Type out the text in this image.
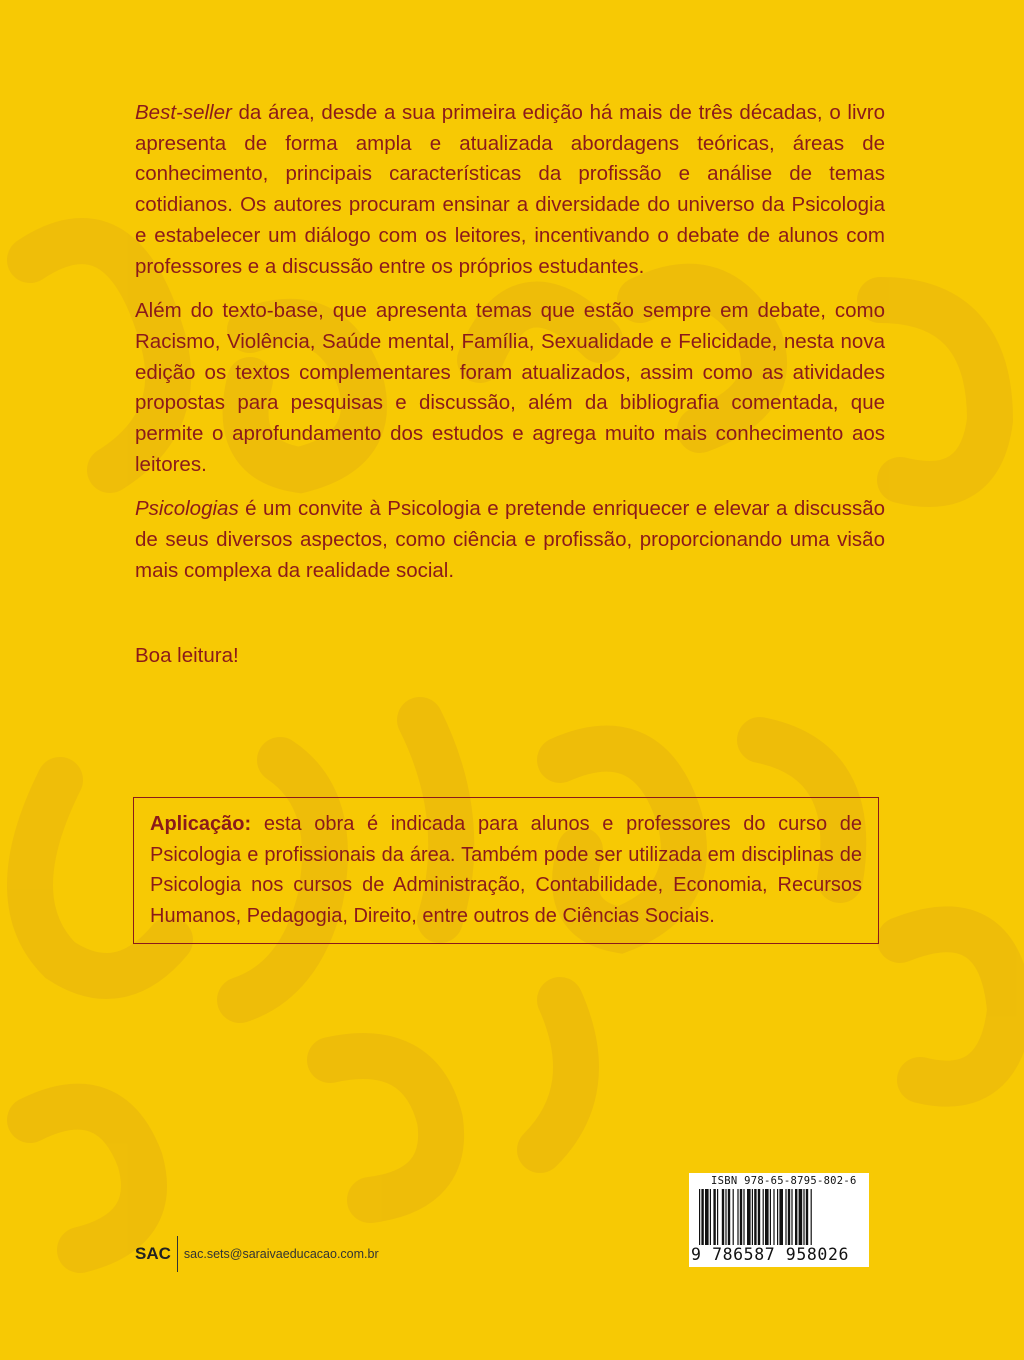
Best-seller da área, desde a sua primeira edição há mais de três décadas, o livro apresenta de forma ampla e atualizada abordagens teóricas, áreas de conhecimento, principais características da profissão e análise de temas cotidianos. Os autores procuram ensinar a diversidade do universo da Psicologia e estabelecer um diálogo com os leitores, incentivando o debate de alunos com professores e a discussão entre os próprios estudantes.

Além do texto-base, que apresenta temas que estão sempre em debate, como Racismo, Violência, Saúde mental, Família, Sexualidade e Felicidade, nesta nova edição os textos complementares foram atualizados, assim como as atividades propostas para pesquisas e discussão, além da bibliografia comentada, que permite o aprofundamento dos estudos e agrega muito mais conhecimento aos leitores.

Psicologias é um convite à Psicologia e pretende enriquecer e elevar a discussão de seus diversos aspectos, como ciência e profissão, proporcionando uma visão mais complexa da realidade social.

Boa leitura!
Aplicação: esta obra é indicada para alunos e professores do curso de Psicologia e profissionais da área. Também pode ser utilizada em disciplinas de Psicologia nos cursos de Administração, Contabilidade, Economia, Recursos Humanos, Pedagogia, Direito, entre outros de Ciências Sociais.
SAC	sac.sets@saraivaeducacao.com.br
ISBN 978-65-8795-802-6
9 786587 958026
